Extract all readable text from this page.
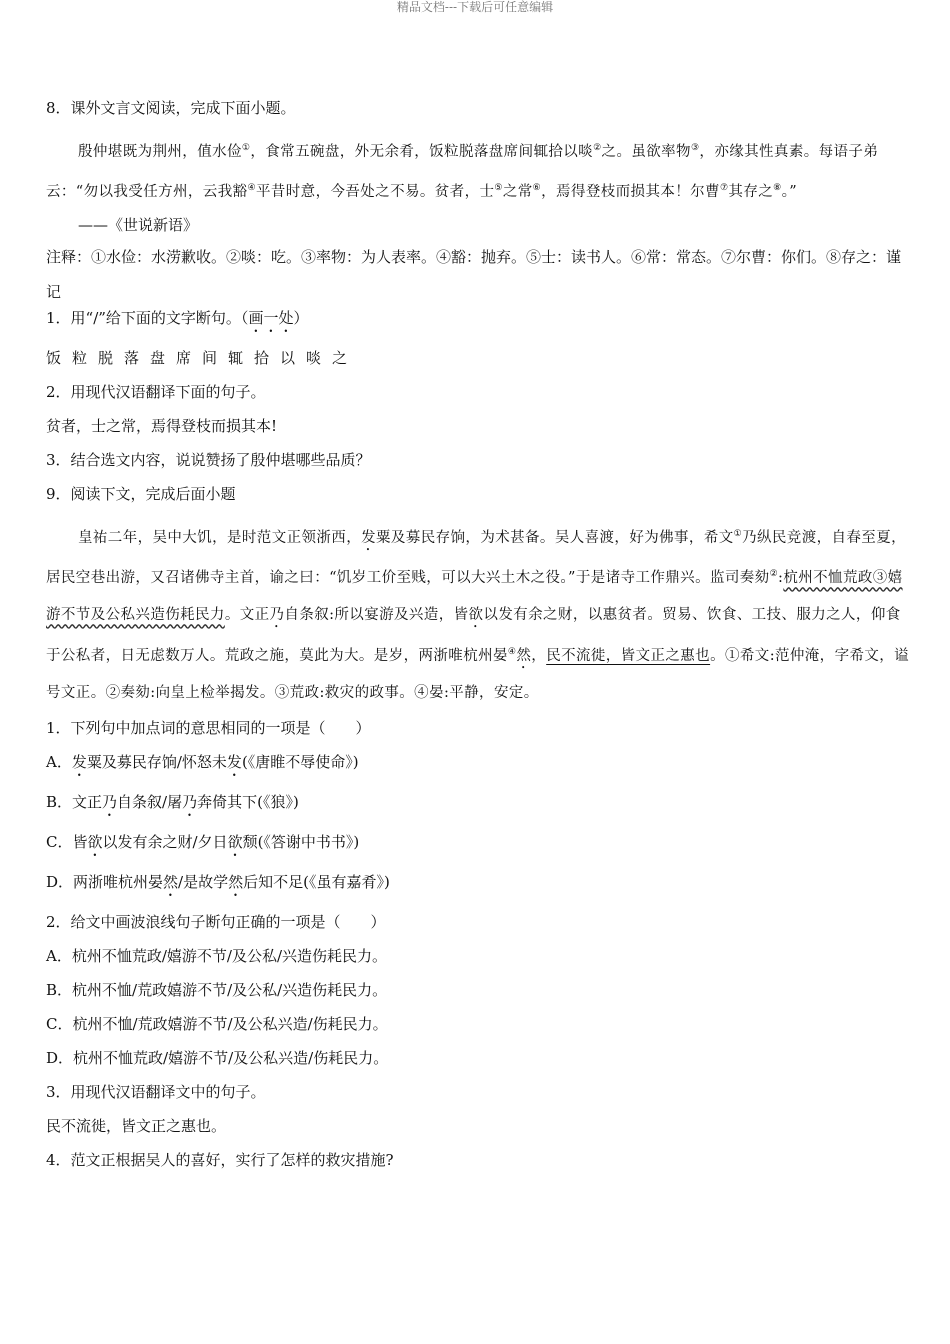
精品文档---下载后可任意编辑
8．课外文言文阅读，完成下面小题。

殷仲堪既为荆州，值水俭①，食常五碗盘，外无余肴，饭粒脱落盘席间辄拾以啖②之。虽欲率物③，亦缘其性真素。每语子弟云：“勿以我受任方州，云我豁④平昔时意，今吾处之不易。贫者，士⑤之常⑥，焉得登枝而损其本！尔曹⑦其存之⑧。”

——《世说新语》
注释：①水俭：水涝歉收。②啖：吃。③率物：为人表率。④豁：抛弃。⑤士：读书人。⑥常：常态。⑦尔曹：你们。⑧存之：谨记
1．用“/”给下面的文字断句。（画一处）
饭粒脱落盘席间辄拾以啖之
2．用现代汉语翻译下面的句子。
贫者，士之常，焉得登枝而损其本!
3．结合选文内容，说说赞扬了殷仲堪哪些品质？
9．阅读下文，完成后面小题

皇祐二年，吴中大饥，是时范文正领浙西，发粟及募民存饷，为术甚备。吴人喜渡，好为佛事，希文①乃纵民竞渡，自春至夏，居民空巷出游，又召诸佛寺主首，谕之曰：“饥岁工价至贱，可以大兴土木之役。”于是诸寺工作鼎兴。监司奏劾②:杭州不恤荒政③嬉游不节及公私兴造伤耗民力。文正乃自条叙:所以宴游及兴造，皆欲以发有余之财，以惠贫者。贸易、饮食、工技、服力之人，仰食于公私者，日无虑数万人。荒政之施，莫此为大。是岁，两浙唯杭州晏④然，民不流徙，皆文正之惠也。①希文:范仲淹，字希文，谥号文正。②奏劾:向皇上检举揭发。③荒政:救灾的政事。④晏:平静，安定。

1．下列句中加点词的意思相同的一项是（　　）
A．发粟及募民存饷/怀怒未发(《唐睢不辱使命》)
B．文正乃自条叙/屠乃奔倚其下(《狼》)
C．皆欲以发有余之财/夕日欲颓(《答谢中书书》)
D．两浙唯杭州晏然/是故学然后知不足(《虽有嘉肴》)
2．给文中画波浪线句子断句正确的一项是（　　）
A．杭州不恤荒政/嬉游不节/及公私/兴造伤耗民力。
B．杭州不恤/荒政嬉游不节/及公私/兴造伤耗民力。
C．杭州不恤/荒政嬉游不节/及公私兴造/伤耗民力。
D．杭州不恤荒政/嬉游不节/及公私兴造/伤耗民力。
3．用现代汉语翻译文中的句子。
民不流徙，皆文正之惠也。
4．范文正根据吴人的喜好，实行了怎样的救灾措施?
